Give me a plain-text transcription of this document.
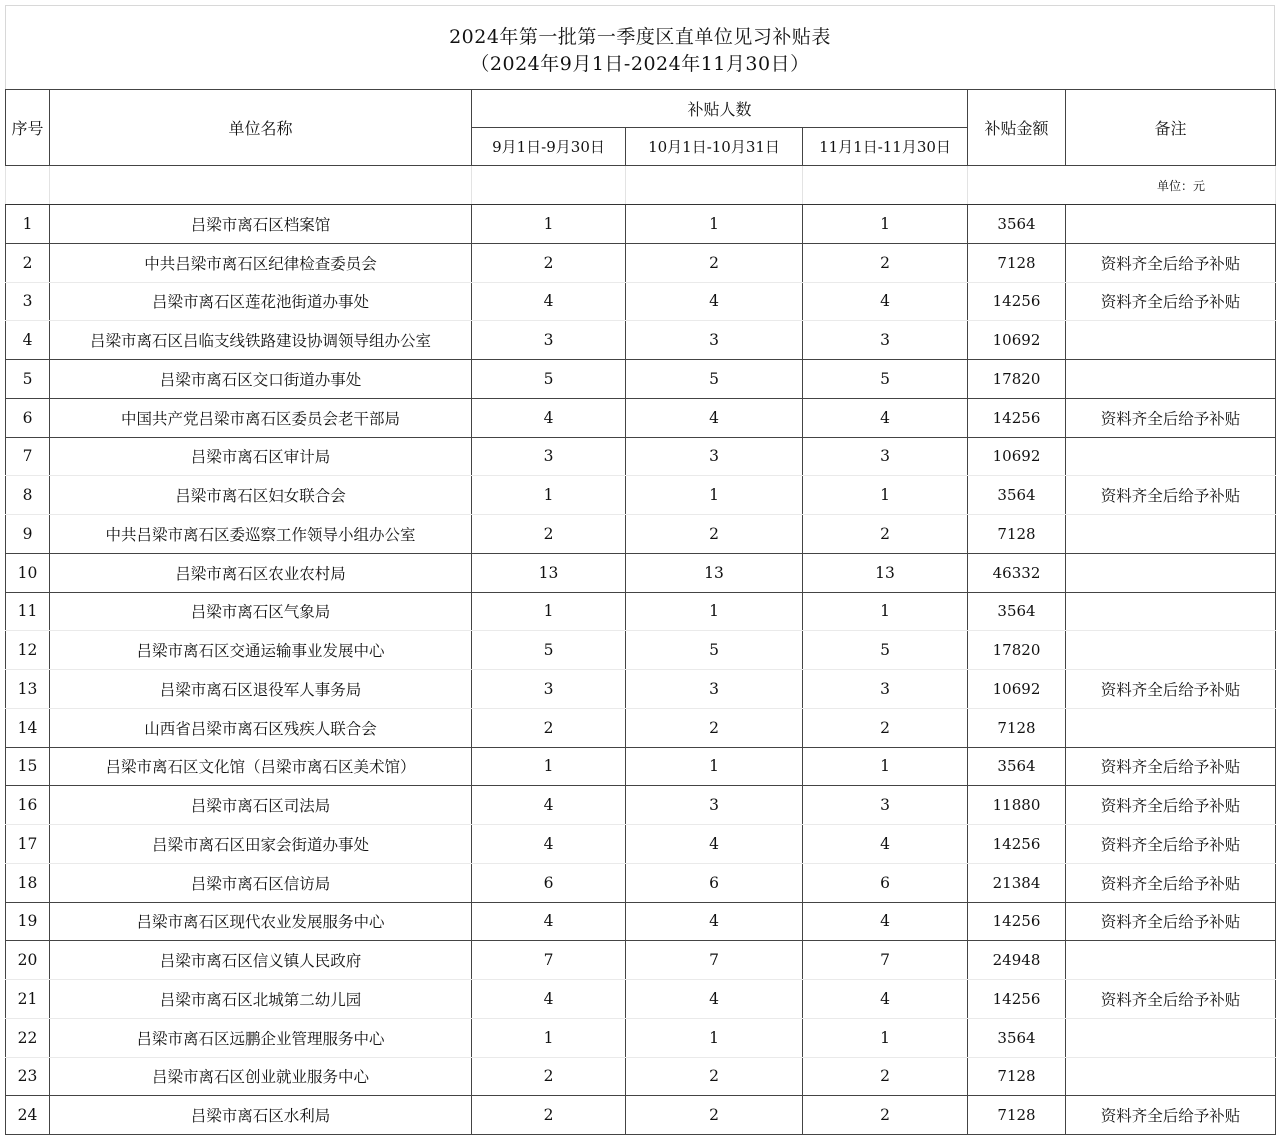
2024年第一批第一季度区直单位见习补贴表
（2024年9月1日-2024年11月30日）
					单位：元	
序号	单位名称	补贴人数			补贴金额	备注
		9月1日-9月30日	10月1日-10月31日	11月1日-11月30日		
1	吕梁市离石区档案馆	1	1	1	3564	
2	中共吕梁市离石区纪律检查委员会	2	2	2	7128	资料齐全后给予补贴
3	吕梁市离石区莲花池街道办事处	4	4	4	14256	资料齐全后给予补贴
4	吕梁市离石区吕临支线铁路建设协调领导组办公室	3	3	3	10692	
5	吕梁市离石区交口街道办事处	5	5	5	17820	
6	中国共产党吕梁市离石区委员会老干部局	4	4	4	14256	资料齐全后给予补贴
7	吕梁市离石区审计局	3	3	3	10692	
8	吕梁市离石区妇女联合会	1	1	1	3564	资料齐全后给予补贴
9	中共吕梁市离石区委巡察工作领导小组办公室	2	2	2	7128	
10	吕梁市离石区农业农村局	13	13	13	46332	
11	吕梁市离石区气象局	1	1	1	3564	
12	吕梁市离石区交通运输事业发展中心	5	5	5	17820	
13	吕梁市离石区退役军人事务局	3	3	3	10692	资料齐全后给予补贴
14	山西省吕梁市离石区残疾人联合会	2	2	2	7128	
15	吕梁市离石区文化馆（吕梁市离石区美术馆）	1	1	1	3564	资料齐全后给予补贴
16	吕梁市离石区司法局	4	3	3	11880	资料齐全后给予补贴
17	吕梁市离石区田家会街道办事处	4	4	4	14256	资料齐全后给予补贴
18	吕梁市离石区信访局	6	6	6	21384	资料齐全后给予补贴
19	吕梁市离石区现代农业发展服务中心	4	4	4	14256	资料齐全后给予补贴
20	吕梁市离石区信义镇人民政府	7	7	7	24948	
21	吕梁市离石区北城第二幼儿园	4	4	4	14256	资料齐全后给予补贴
22	吕梁市离石区远鹏企业管理服务中心	1	1	1	3564	
23	吕梁市离石区创业就业服务中心	2	2	2	7128	
24	吕梁市离石区水利局	2	2	2	7128	资料齐全后给予补贴
